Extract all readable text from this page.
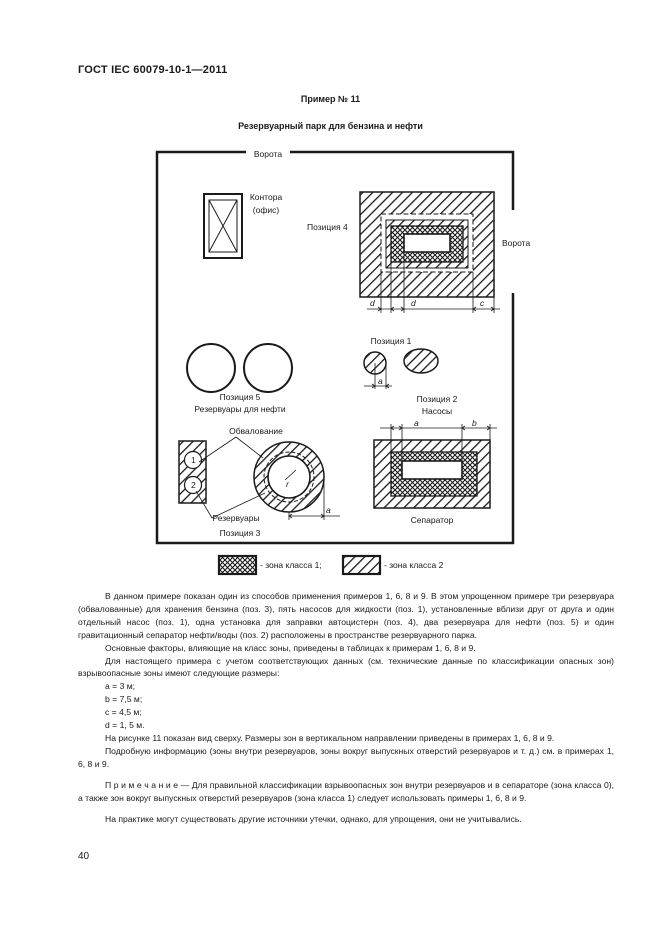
ГОСТ IEC 60079-10-1—2011
Пример № 11
Резервуарный парк для бензина и нефти
Ворота
Ворота
Контора
(офис)
Позиция 4
d	d	c
Позиция 1
a
Позиция 5
Резервуары для нефти
Позиция 2
Насосы
a	b
Сепаратор
1
2
Обвалование
Резервуары
Позиция 3
r
a
- зона класса 1;	- зона класса 2

В данном примере показан один из способов применения примеров 1, 6, 8 и 9. В этом упрощенном примере три резервуара (обвалованные) для хранения бензина (поз. 3), пять насосов для жидкости (поз. 1), установленные вблизи друг от друга и один отдельный насос (поз. 1), одна установка для заправки автоцистерн (поз. 4), два резервуара для нефти (поз. 5) и один гравитационный сепаратор нефти/воды (поз. 2) расположены в пространстве резервуарного парка.

Основные факторы, влияющие на класс зоны, приведены в таблицах к примерам 1, 6, 8 и 9.

Для настоящего примера с учетом соответствующих данных (см. технические данные по классификации опасных зон) взрывоопасные зоны имеют следующие размеры:

а = 3 м;

b = 7,5 м;

с = 4,5 м;

d = 1, 5 м.

На рисунке 11 показан вид сверху. Размеры зон в вертикальном направлении приведены в примерах 1, 6, 8 и 9.

Подробную информацию (зоны внутри резервуаров, зоны вокруг выпускных отверстий резервуаров и т. д.) см. в примерах 1, 6, 8 и 9.

П р и м е ч а н и е — Для правильной классификации взрывоопасных зон внутри резервуаров и в сепараторе (зона класса 0), а также зон вокруг выпускных отверстий резервуаров (зона класса 1) следует использовать примеры 1, 6, 8 и 9.

На практике могут существовать другие источники утечки, однако, для упрощения, они не учитывались.

40
